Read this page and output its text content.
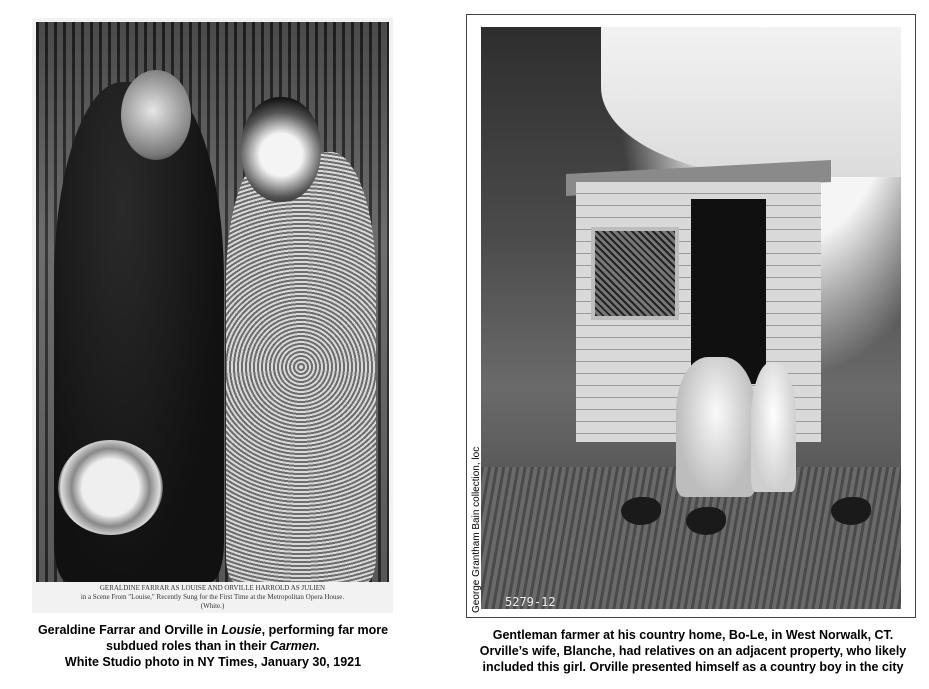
GERALDINE FARRAR AS LOUISE AND ORVILLE HARROLD AS JULIEN
in a Scene From "Louise," Recently Sung for the First Time at the Metropolitan Opera House.
(White.)	5279-12
Geraldine Farrar and Orville in Lousie, performing far more subdued roles than in their Carmen.
White Studio photo in NY Times, January 30, 1921
Gentleman farmer at his country home, Bo-Le, in West Norwalk, CT.
Orville’s wife, Blanche, had relatives on an adjacent property, who likely
included this girl. Orville presented himself as a country boy in the city
